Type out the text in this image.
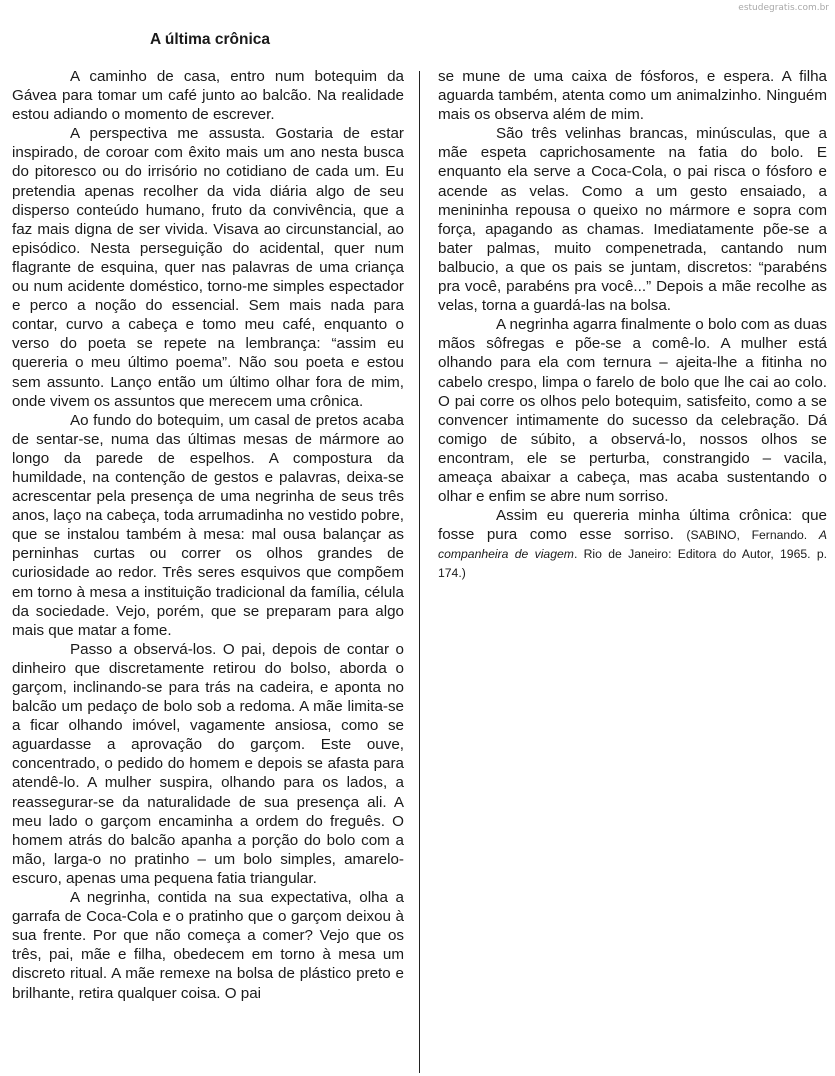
estudegratis.com.br
A última crônica

A caminho de casa, entro num botequim da Gávea para tomar um café junto ao balcão. Na realidade estou adiando o momento de escrever.

A perspectiva me assusta. Gostaria de estar inspirado, de coroar com êxito mais um ano nesta busca do pitoresco ou do irrisório no cotidiano de cada um. Eu pretendia apenas recolher da vida diária algo de seu disperso conteúdo humano, fruto da convivência, que a faz mais digna de ser vivida. Visava ao circunstancial, ao episódico. Nesta perseguição do acidental, quer num flagrante de esquina, quer nas palavras de uma criança ou num acidente doméstico, torno-me simples espectador e perco a noção do essencial. Sem mais nada para contar, curvo a cabeça e tomo meu café, enquanto o verso do poeta se repete na lembrança: “assim eu quereria o meu último poema”. Não sou poeta e estou sem assunto. Lanço então um último olhar fora de mim, onde vivem os assuntos que merecem uma crônica.

Ao fundo do botequim, um casal de pretos acaba de sentar-se, numa das últimas mesas de mármore ao longo da parede de espelhos. A compostura da humildade, na contenção de gestos e palavras, deixa-se acrescentar pela presença de uma negrinha de seus três anos, laço na cabeça, toda arrumadinha no vestido pobre, que se instalou também à mesa: mal ousa balançar as perninhas curtas ou correr os olhos grandes de curiosidade ao redor. Três seres esquivos que compõem em torno à mesa a instituição tradicional da família, célula da sociedade. Vejo, porém, que se preparam para algo mais que matar a fome.

Passo a observá-los. O pai, depois de contar o dinheiro que discretamente retirou do bolso, aborda o garçom, inclinando-se para trás na cadeira, e aponta no balcão um pedaço de bolo sob a redoma. A mãe limita-se a ficar olhando imóvel, vagamente ansiosa, como se aguardasse a aprovação do garçom. Este ouve, concentrado, o pedido do homem e depois se afasta para atendê-lo. A mulher suspira, olhando para os lados, a reassegurar-se da naturalidade de sua presença ali. A meu lado o garçom encaminha a ordem do freguês. O homem atrás do balcão apanha a porção do bolo com a mão, larga-o no pratinho – um bolo simples, amarelo-escuro, apenas uma pequena fatia triangular.

A negrinha, contida na sua expectativa, olha a garrafa de Coca-Cola e o pratinho que o garçom deixou à sua frente. Por que não começa a comer? Vejo que os três, pai, mãe e filha, obedecem em torno à mesa um discreto ritual. A mãe remexe na bolsa de plástico preto e brilhante, retira qualquer coisa. O pai

se mune de uma caixa de fósforos, e espera. A filha aguarda também, atenta como um animalzinho. Ninguém mais os observa além de mim.

São três velinhas brancas, minúsculas, que a mãe espeta caprichosamente na fatia do bolo. E enquanto ela serve a Coca-Cola, o pai risca o fósforo e acende as velas. Como a um gesto ensaiado, a menininha repousa o queixo no mármore e sopra com força, apagando as chamas. Imediatamente põe-se a bater palmas, muito compenetrada, cantando num balbucio, a que os pais se juntam, discretos: “parabéns pra você, parabéns pra você...” Depois a mãe recolhe as velas, torna a guardá-las na bolsa.

A negrinha agarra finalmente o bolo com as duas mãos sôfregas e põe-se a comê-lo. A mulher está olhando para ela com ternura – ajeita-lhe a fitinha no cabelo crespo, limpa o farelo de bolo que lhe cai ao colo. O pai corre os olhos pelo botequim, satisfeito, como a se convencer intimamente do sucesso da celebração. Dá comigo de súbito, a observá-lo, nossos olhos se encontram, ele se perturba, constrangido – vacila, ameaça abaixar a cabeça, mas acaba sustentando o olhar e enfim se abre num sorriso.

Assim eu quereria minha última crônica: que fosse pura como esse sorriso. (SABINO, Fernando. A companheira de viagem. Rio de Janeiro: Editora do Autor, 1965. p. 174.)
